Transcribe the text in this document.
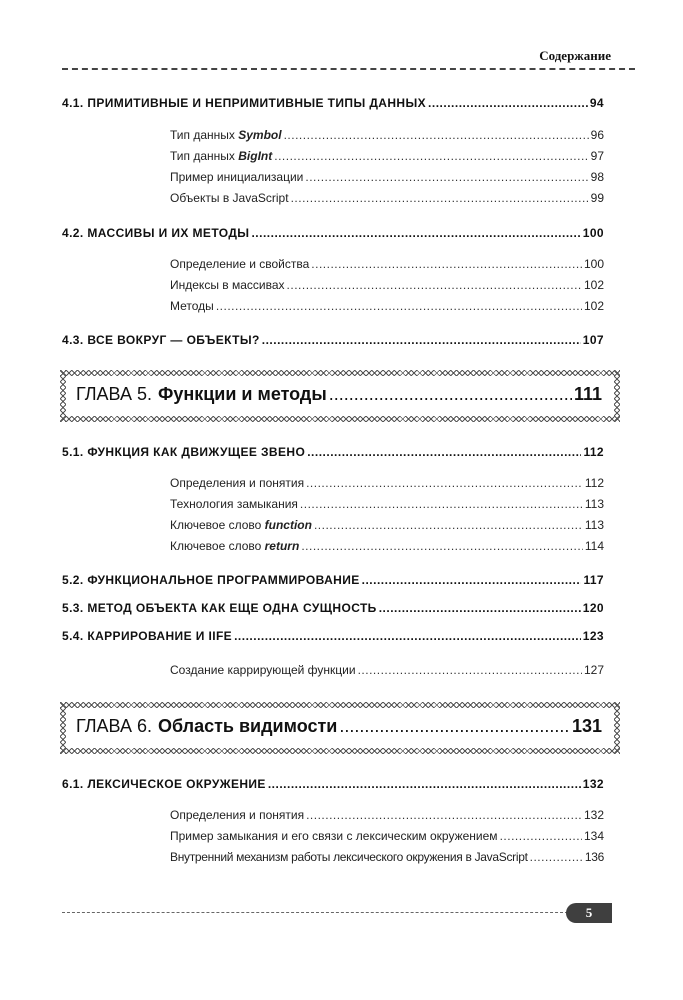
Содержание
4.1. ПРИМИТИВНЫЕ И НЕПРИМИТИВНЫЕ ТИПЫ ДАННЫХ .....	94
Тип данных Symbol .....	96
Тип данных BigInt .....	97
Пример инициализации .....	98
Объекты в JavaScript .....	99
4.2. МАССИВЫ И ИХ МЕТОДЫ .....	100
Определение и свойства .....	100
Индексы в массивах .....	102
Методы .....	102
4.3. ВСЕ ВОКРУГ — ОБЪЕКТЫ? .....	107
ГЛАВА 5. Функции и методы .....	111
5.1. ФУНКЦИЯ КАК ДВИЖУЩЕЕ ЗВЕНО .....	112
Определения и понятия .....	112
Технология замыкания .....	113
Ключевое слово function .....	113
Ключевое слово return .....	114
5.2. ФУНКЦИОНАЛЬНОЕ ПРОГРАММИРОВАНИЕ .....	117
5.3. МЕТОД ОБЪЕКТА КАК ЕЩЕ ОДНА СУЩНОСТЬ .....	120
5.4. КАРРИРОВАНИЕ И IIFE .....	123
Создание каррирующей функции .....	127
ГЛАВА 6. Область видимости .....	131
6.1. ЛЕКСИЧЕСКОЕ ОКРУЖЕНИЕ .....	132
Определения и понятия .....	132
Пример замыкания и его связи с лексическим окружением .....	134
Внутренний механизм работы лексического окружения в JavaScript .....	136
5
